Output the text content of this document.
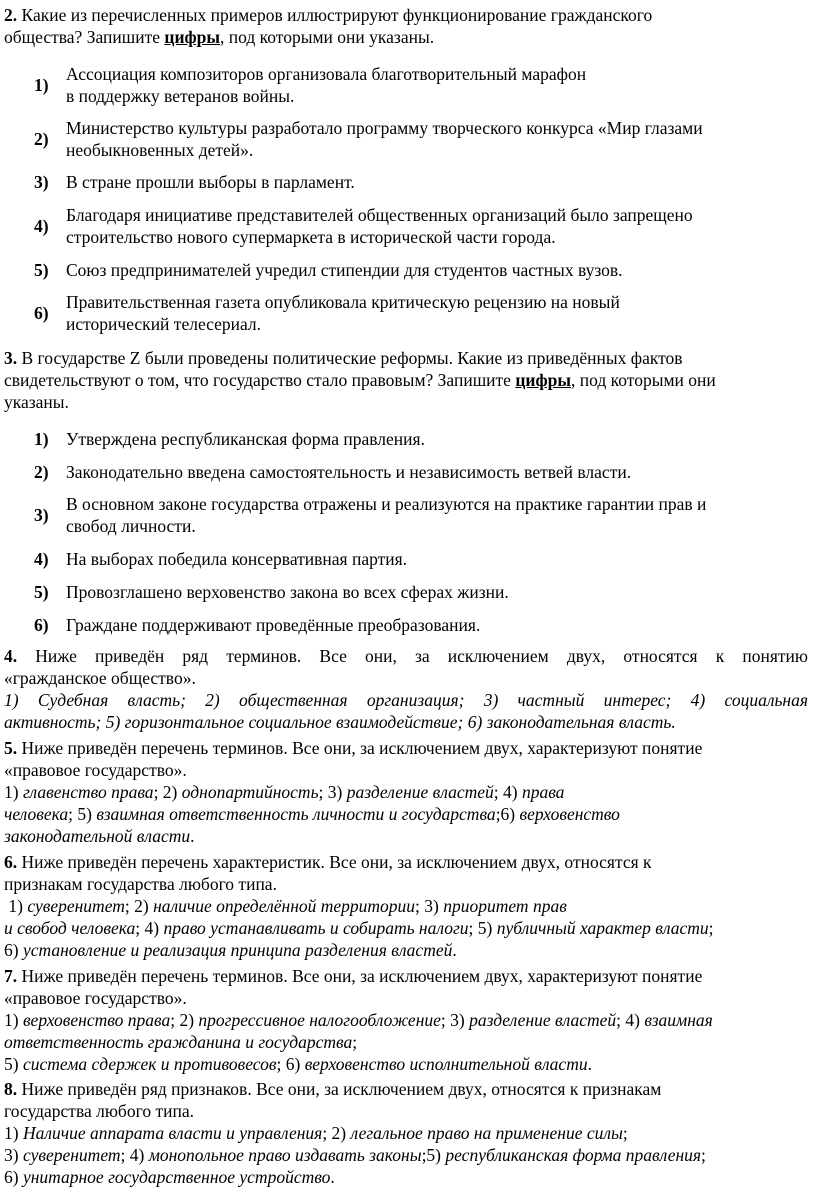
2. Какие из перечисленных примеров иллюстрируют функционирование гражданского
общества? Запишите цифры, под которыми они указаны.
1)
Ассоциация композиторов организовала благотворительный марафон
в поддержку ветеранов войны.
2)
Министерство культуры разработало программу творческого конкурса «Мир глазами
необыкновенных детей».
3) В стране прошли выборы в парламент.
4)
Благодаря инициативе представителей общественных организаций было запрещено
строительство нового супермаркета в исторической части города.
5) Союз предпринимателей учредил стипендии для студентов частных вузов.
6)
Правительственная газета опубликовала критическую рецензию на новый
исторический телесериал.
3. В государстве Z были проведены политические реформы. Какие из приведённых фактов
свидетельствуют о том, что государство стало правовым? Запишите цифры, под которыми они
указаны.
1) Утверждена республиканская форма правления.
2) Законодательно введена самостоятельность и независимость ветвей власти.
3)
В основном законе государства отражены и реализуются на практике гарантии прав и
свобод личности.
4) На выборах победила консервативная партия.
5) Провозглашено верховенство закона во всех сферах жизни.
6) Граждане поддерживают проведённые преобразования.
4. Ниже приведён ряд терминов. Все они, за исключением двух, относятся к понятию
«гражданское общество».
1) Судебная власть; 2) общественная организация; 3) частный интерес; 4) социальная
активность; 5) горизонтальное социальное взаимодействие; 6) законодательная власть.
5. Ниже приведён перечень терминов. Все они, за исключением двух, характеризуют понятие
«правовое государство».
1) главенство права; 2) однопартийность; 3) разделение властей; 4) права
человека; 5) взаимная ответственность личности и государства;6) верховенство
законодательной власти.
6. Ниже приведён перечень характеристик. Все они, за исключением двух, относятся к
признакам государства любого типа.
1) суверенитет; 2) наличие определённой территории; 3) приоритет прав
и свобод человека; 4) право устанавливать и собирать налоги; 5) публичный характер власти;
6) установление и реализация принципа разделения властей.
7. Ниже приведён перечень терминов. Все они, за исключением двух, характеризуют понятие
«правовое государство».
1) верховенство права; 2) прогрессивное налогообложение; 3) разделение властей; 4) взаимная
ответственность гражданина и государства;
5) система сдержек и противовесов; 6) верховенство исполнительной власти.
8. Ниже приведён ряд признаков. Все они, за исключением двух, относятся к признакам
государства любого типа.
1) Наличие аппарата власти и управления; 2) легальное право на применение силы;
3) суверенитет; 4) монопольное право издавать законы;5) республиканская форма правления;
6) унитарное государственное устройство.
